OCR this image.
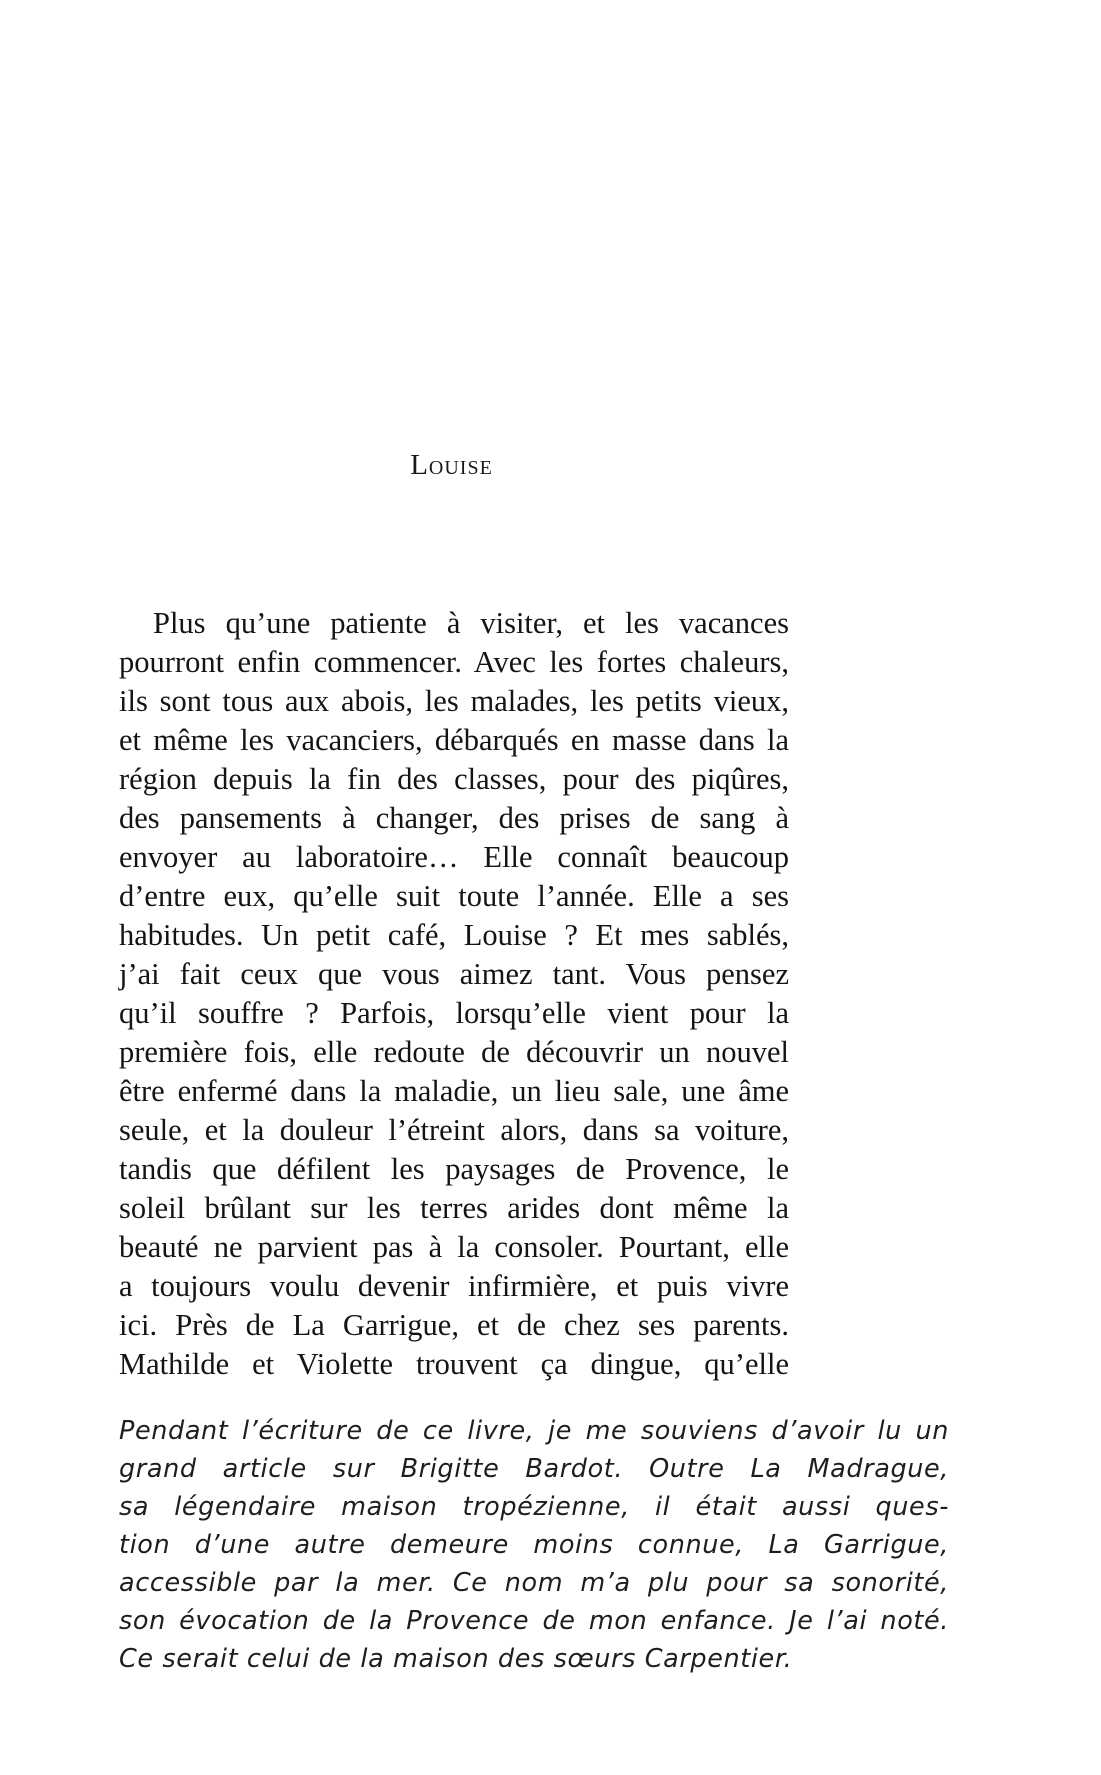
Louise
Plus qu’une patiente à visiter, et les vacances
pourront enfin commencer. Avec les fortes chaleurs,
ils sont tous aux abois, les malades, les petits vieux,
et même les vacanciers, débarqués en masse dans la
région depuis la fin des classes, pour des piqûres,
des pansements à changer, des prises de sang à
envoyer au laboratoire… Elle connaît beaucoup
d’entre eux, qu’elle suit toute l’année. Elle a ses
habitudes. Un petit café, Louise ? Et mes sablés,
j’ai fait ceux que vous aimez tant. Vous pensez
qu’il souffre ? Parfois, lorsqu’elle vient pour la
première fois, elle redoute de découvrir un nouvel
être enfermé dans la maladie, un lieu sale, une âme
seule, et la douleur l’étreint alors, dans sa voiture,
tandis que défilent les paysages de Provence, le
soleil brûlant sur les terres arides dont même la
beauté ne parvient pas à la consoler. Pourtant, elle
a toujours voulu devenir infirmière, et puis vivre
ici. Près de La Garrigue, et de chez ses parents.
Mathilde et Violette trouvent ça dingue, qu’elle
Pendant l’écriture de ce livre, je me souviens d’avoir lu un
grand article sur Brigitte Bardot. Outre La Madrague,
sa légendaire maison tropézienne, il était aussi ques-
tion d’une autre demeure moins connue, La Garrigue,
accessible par la mer. Ce nom m’a plu pour sa sonorité,
son évocation de la Provence de mon enfance. Je l’ai noté.
Ce serait celui de la maison des sœurs Carpentier.
